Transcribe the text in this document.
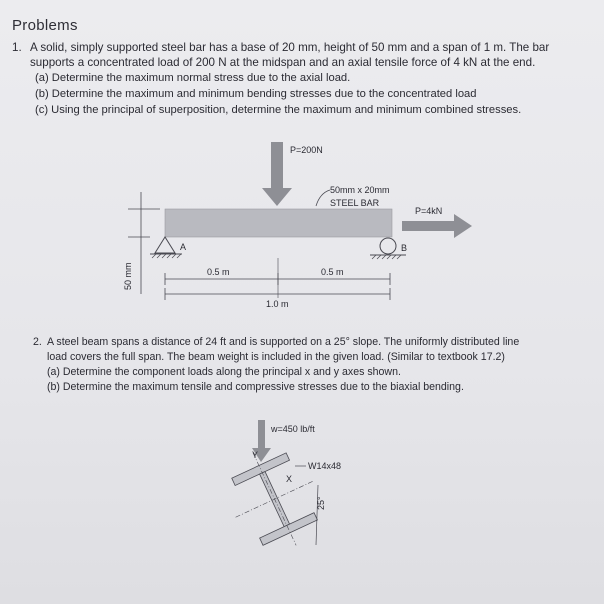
Problems
1. A solid, simply supported steel bar has a base of 20 mm, height of 50 mm and a span of 1 m. The bar
supports a concentrated load of 200 N at the midspan and an axial tensile force of 4 kN at the end.
(a) Determine the maximum normal stress due to the axial load.
(b) Determine the maximum and minimum bending stresses due to the concentrated load
(c) Using the principal of superposition, determine the maximum and minimum combined stresses.
P=200N
50mm x 20mm
STEEL BAR
P=4kN
A	B
50 mm	0.5 m	0.5 m
1.0 m
w=450 lb/ft
Y
X
W14x48
25°
2. A steel beam spans a distance of 24 ft and is supported on a 25° slope. The uniformly distributed line
load covers the full span. The beam weight is included in the given load. (Similar to textbook 17.2)
(a) Determine the component loads along the principal x and y axes shown.
(b) Determine the maximum tensile and compressive stresses due to the biaxial bending.
